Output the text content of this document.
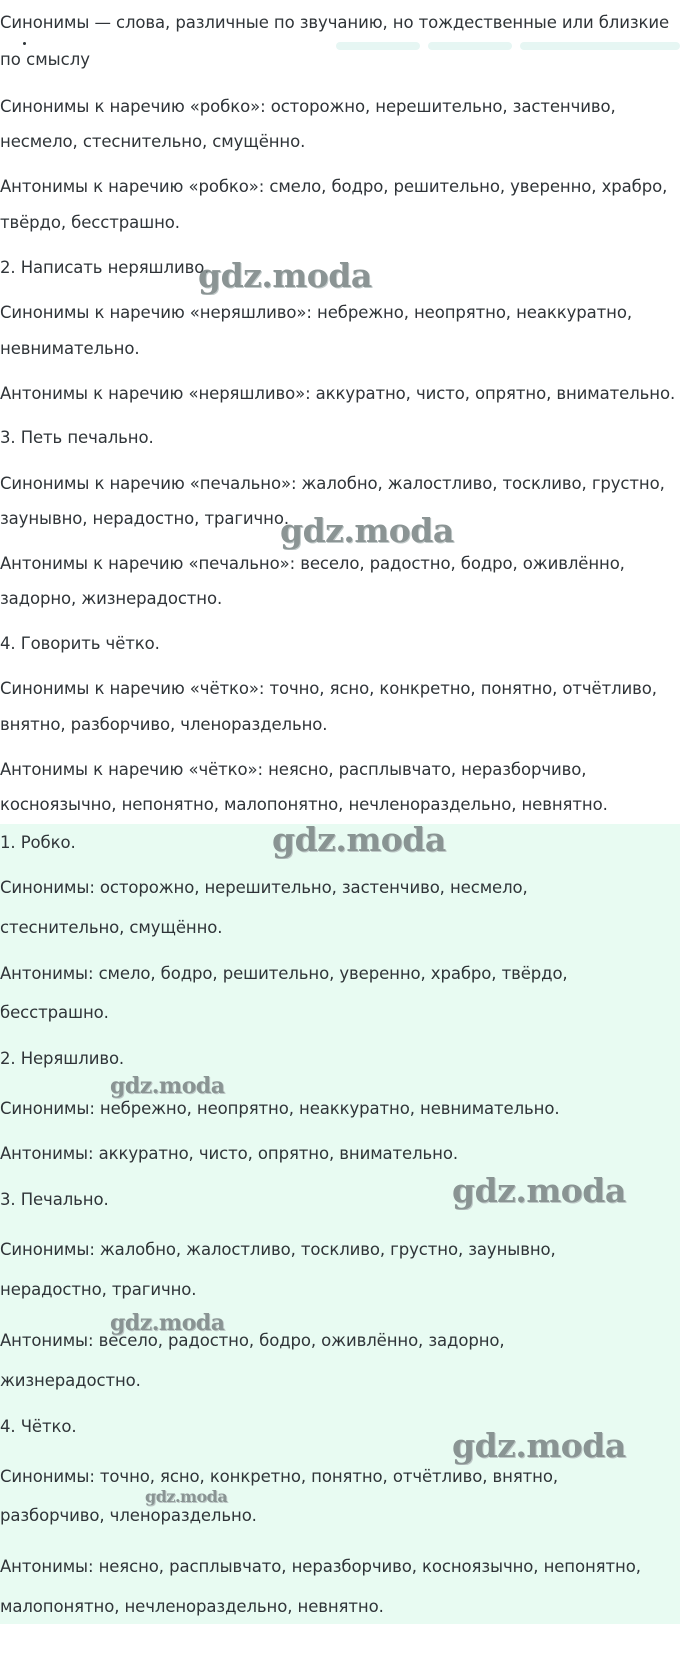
по смыслу
Синонимы — слова, различные по звучанию, но тождественные или близкие
Синонимы к наречию «робко»: осторожно, нерешительно, застенчиво,
несмело, стеснительно, смущённо.
Антонимы к наречию «робко»: смело, бодро, решительно, уверенно, храбро,
твёрдо, бесстрашно.
2. Написать неряшливо.
Синонимы к наречию «неряшливо»: небрежно, неопрятно, неаккуратно,
невнимательно.
Антонимы к наречию «неряшливо»: аккуратно, чисто, опрятно, внимательно.
3. Петь печально.
Синонимы к наречию «печально»: жалобно, жалостливо, тоскливо, грустно,
заунывно, нерадостно, трагично.
Антонимы к наречию «печально»: весело, радостно, бодро, оживлённо,
задорно, жизнерадостно.
4. Говорить чётко.
Синонимы к наречию «чётко»: точно, ясно, конкретно, понятно, отчётливо,
внятно, разборчиво, членораздельно.
Антонимы к наречию «чётко»: неясно, расплывчато, неразборчиво,
косноязычно, непонятно, малопонятно, нечленораздельно, невнятно.
1. Робко.
Синонимы: осторожно, нерешительно, застенчиво, несмело,
стеснительно, смущённо.
Антонимы: смело, бодро, решительно, уверенно, храбро, твёрдо,
бесстрашно.
2. Неряшливо.
Синонимы: небрежно, неопрятно, неаккуратно, невнимательно.
Антонимы: аккуратно, чисто, опрятно, внимательно.
3. Печально.
Синонимы: жалобно, жалостливо, тоскливо, грустно, заунывно,
нерадостно, трагично.
Антонимы: весело, радостно, бодро, оживлённо, задорно,
жизнерадостно.
4. Чётко.
Синонимы: точно, ясно, конкретно, понятно, отчётливо, внятно,
разборчиво, членораздельно.
Антонимы: неясно, расплывчато, неразборчиво, косноязычно, непонятно,
малопонятно, нечленораздельно, невнятно.
gdz.moda
gdz.moda
gdz.moda
gdz.moda
gdz.moda
gdz.moda
gdz.moda
gdz.moda
